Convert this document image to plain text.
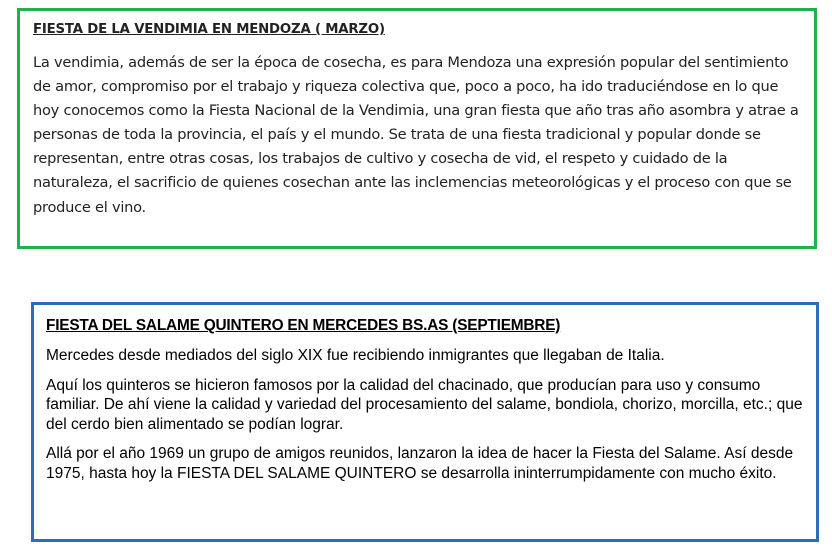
FIESTA DE LA VENDIMIA EN MENDOZA ( MARZO)

La vendimia, además de ser la época de cosecha, es para Mendoza una expresión popular del sentimiento de amor, compromiso por el trabajo y riqueza colectiva que, poco a poco, ha ido traduciéndose en lo que hoy conocemos como la Fiesta Nacional de la Vendimia, una gran fiesta que año tras año asombra y atrae a personas de toda la provincia, el país y el mundo. Se trata de una fiesta tradicional y popular donde se representan, entre otras cosas, los trabajos de cultivo y cosecha de vid, el respeto y cuidado de la naturaleza, el sacrificio de quienes cosechan ante las inclemencias meteorológicas y el proceso con que se produce el vino.

FIESTA DEL SALAME QUINTERO EN MERCEDES BS.AS (SEPTIEMBRE)

Mercedes desde mediados del siglo XIX fue recibiendo inmigrantes que llegaban de Italia.

Aquí los quinteros se hicieron famosos por la calidad del chacinado, que producían para uso y consumo familiar. De ahí viene la calidad y variedad del procesamiento del salame, bondiola, chorizo, morcilla, etc.; que del cerdo bien alimentado se podían lograr.

Allá por el año 1969 un grupo de amigos reunidos, lanzaron la idea de hacer la Fiesta del Salame. Así desde 1975, hasta hoy la FIESTA DEL SALAME QUINTERO se desarrolla ininterrumpidamente con mucho éxito.
